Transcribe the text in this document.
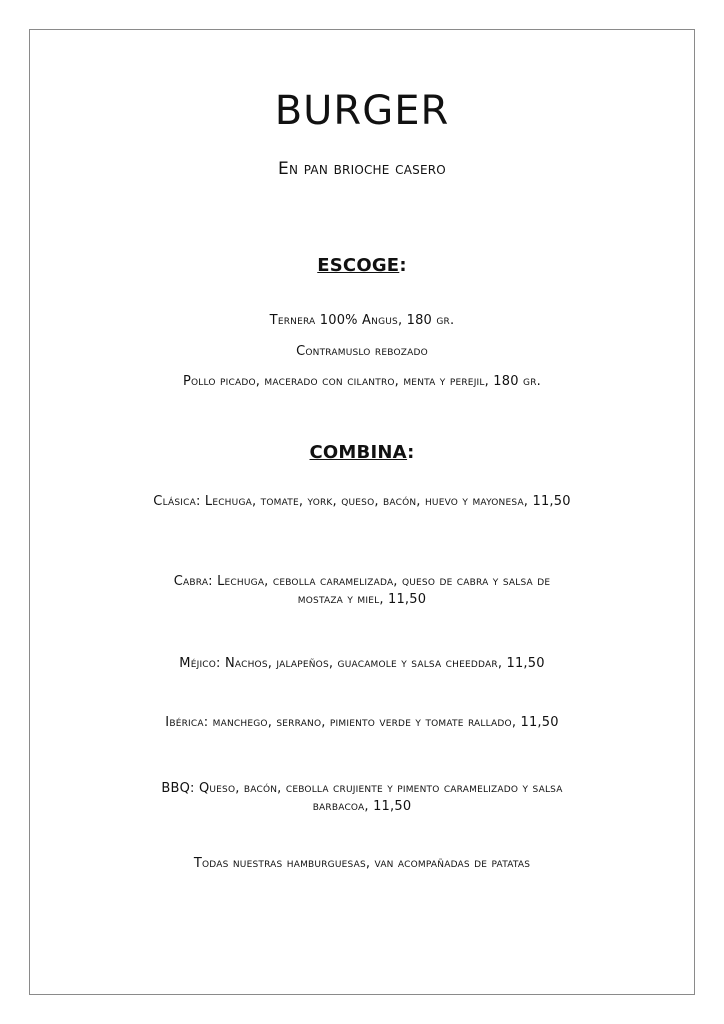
BURGER
En pan brioche casero
ESCOGE:
Ternera 100% Angus, 180 gr.
Contramuslo rebozado
Pollo picado, macerado con cilantro, menta y perejil, 180 gr.
COMBINA:
Clásica: Lechuga, tomate, york, queso, bacón, huevo y mayonesa, 11,50
Cabra: Lechuga, cebolla caramelizada, queso de cabra y salsa de
mostaza y miel, 11,50
Méjico: Nachos, jalapeños, guacamole y salsa cheeddar, 11,50
Ibérica: manchego, serrano, pimiento verde y tomate rallado, 11,50
BBQ: Queso, bacón, cebolla crujiente y pimento caramelizado y salsa
barbacoa, 11,50
Todas nuestras hamburguesas, van acompañadas de patatas
